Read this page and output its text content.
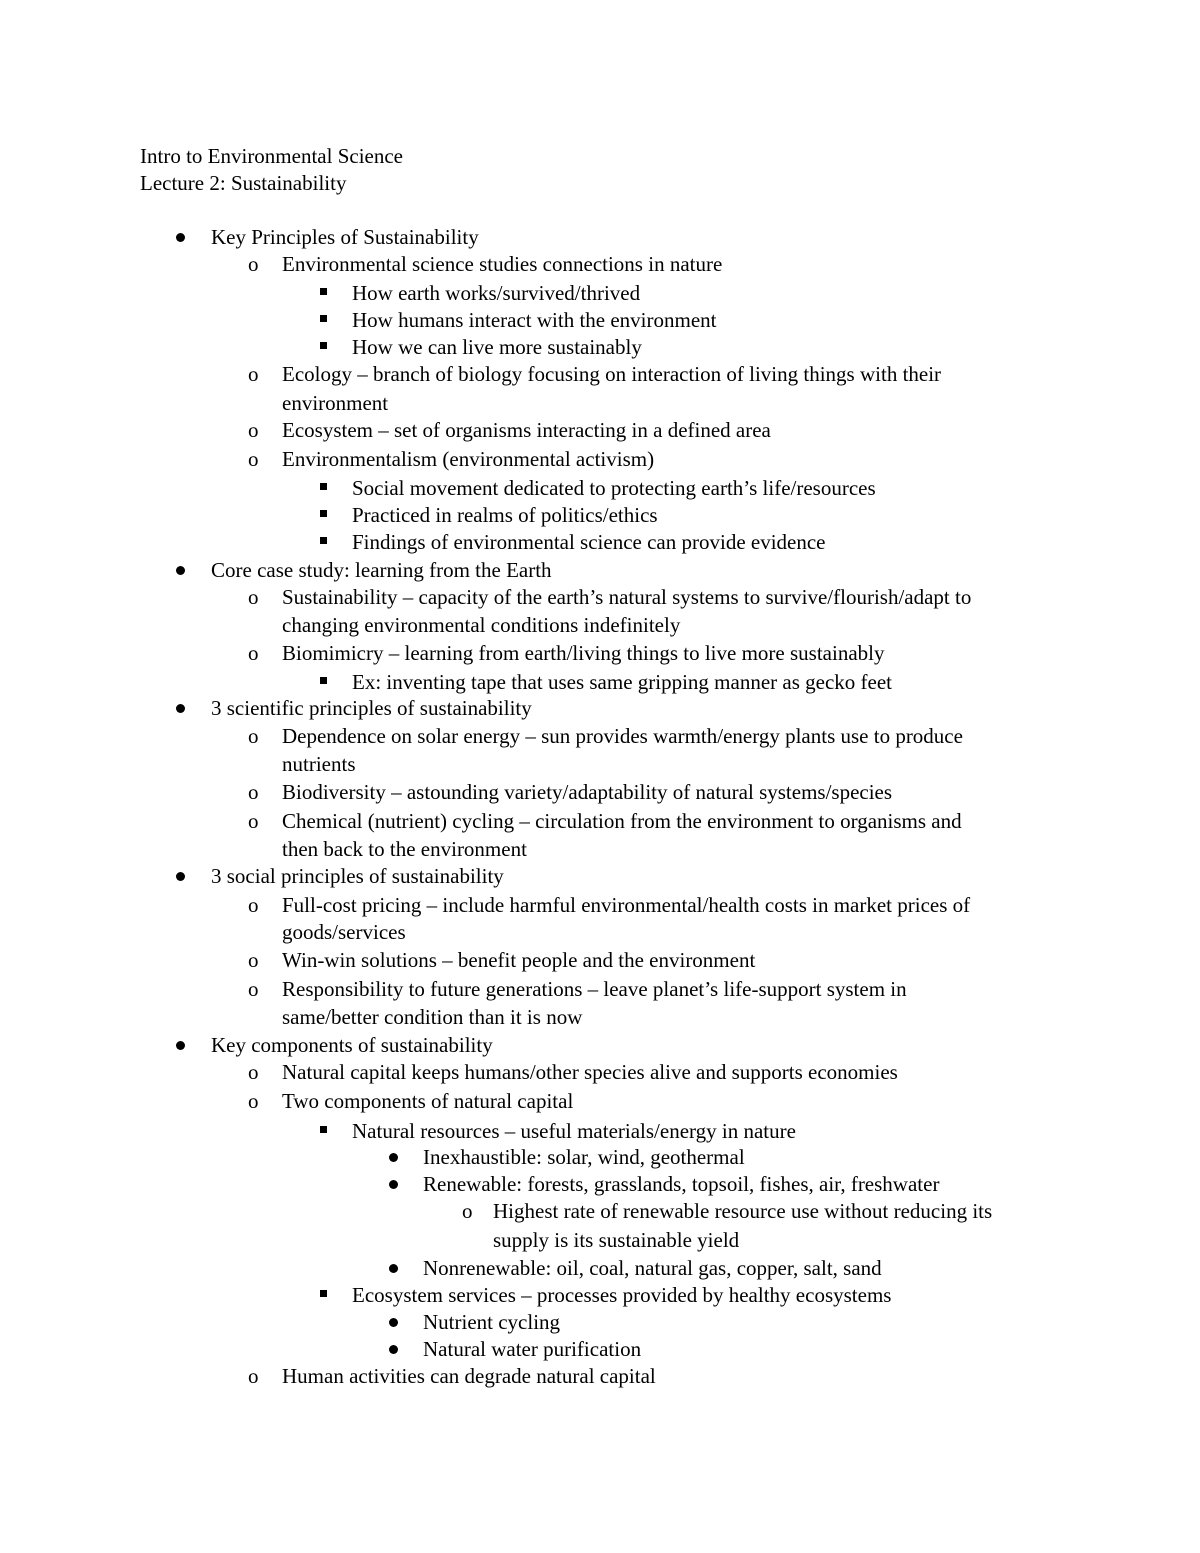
Intro to Environmental Science
Lecture 2: Sustainability
Key Principles of Sustainability
o Environmental science studies connections in nature
How earth works/survived/thrived
How humans interact with the environment
How we can live more sustainably
o Ecology – branch of biology focusing on interaction of living things with their
environment
o Ecosystem – set of organisms interacting in a defined area
o Environmentalism (environmental activism)
Social movement dedicated to protecting earth’s life/resources
Practiced in realms of politics/ethics
Findings of environmental science can provide evidence
Core case study: learning from the Earth
o Sustainability – capacity of the earth’s natural systems to survive/flourish/adapt to
changing environmental conditions indefinitely
o Biomimicry – learning from earth/living things to live more sustainably
Ex: inventing tape that uses same gripping manner as gecko feet
3 scientific principles of sustainability
o Dependence on solar energy – sun provides warmth/energy plants use to produce
nutrients
o Biodiversity – astounding variety/adaptability of natural systems/species
o Chemical (nutrient) cycling – circulation from the environment to organisms and
then back to the environment
3 social principles of sustainability
o Full-cost pricing – include harmful environmental/health costs in market prices of
goods/services
o Win-win solutions – benefit people and the environment
o Responsibility to future generations – leave planet’s life-support system in
same/better condition than it is now
Key components of sustainability
o Natural capital keeps humans/other species alive and supports economies
o Two components of natural capital
Natural resources – useful materials/energy in nature
Inexhaustible: solar, wind, geothermal
Renewable: forests, grasslands, topsoil, fishes, air, freshwater
o Highest rate of renewable resource use without reducing its
supply is its sustainable yield
Nonrenewable: oil, coal, natural gas, copper, salt, sand
Ecosystem services – processes provided by healthy ecosystems
Nutrient cycling
Natural water purification
o Human activities can degrade natural capital
